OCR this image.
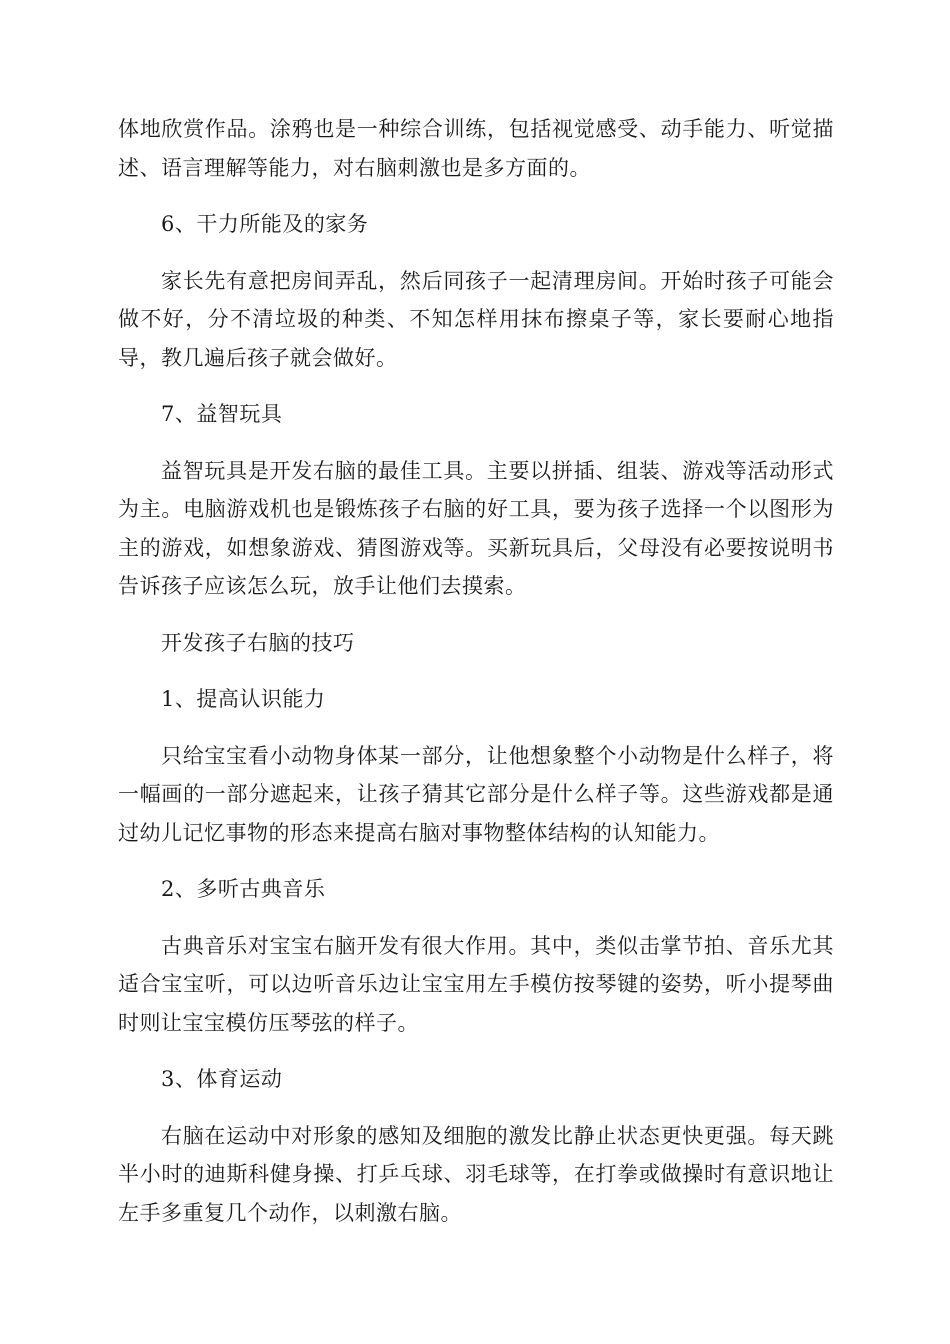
体地欣赏作品。涂鸦也是一种综合训练，包括视觉感受、动手能力、听觉描述、语言理解等能力，对右脑刺激也是多方面的。

6、干力所能及的家务

家长先有意把房间弄乱，然后同孩子一起清理房间。开始时孩子可能会做不好，分不清垃圾的种类、不知怎样用抹布擦桌子等，家长要耐心地指导，教几遍后孩子就会做好。

7、益智玩具

益智玩具是开发右脑的最佳工具。主要以拼插、组装、游戏等活动形式为主。电脑游戏机也是锻炼孩子右脑的好工具，要为孩子选择一个以图形为主的游戏，如想象游戏、猜图游戏等。买新玩具后，父母没有必要按说明书告诉孩子应该怎么玩，放手让他们去摸索。

开发孩子右脑的技巧

1、提高认识能力

只给宝宝看小动物身体某一部分，让他想象整个小动物是什么样子，将一幅画的一部分遮起来，让孩子猜其它部分是什么样子等。这些游戏都是通过幼儿记忆事物的形态来提高右脑对事物整体结构的认知能力。

2、多听古典音乐

古典音乐对宝宝右脑开发有很大作用。其中，类似击掌节拍、音乐尤其适合宝宝听，可以边听音乐边让宝宝用左手模仿按琴键的姿势，听小提琴曲时则让宝宝模仿压琴弦的样子。

3、体育运动

右脑在运动中对形象的感知及细胞的激发比静止状态更快更强。每天跳半小时的迪斯科健身操、打乒乓球、羽毛球等，在打拳或做操时有意识地让左手多重复几个动作，以刺激右脑。
